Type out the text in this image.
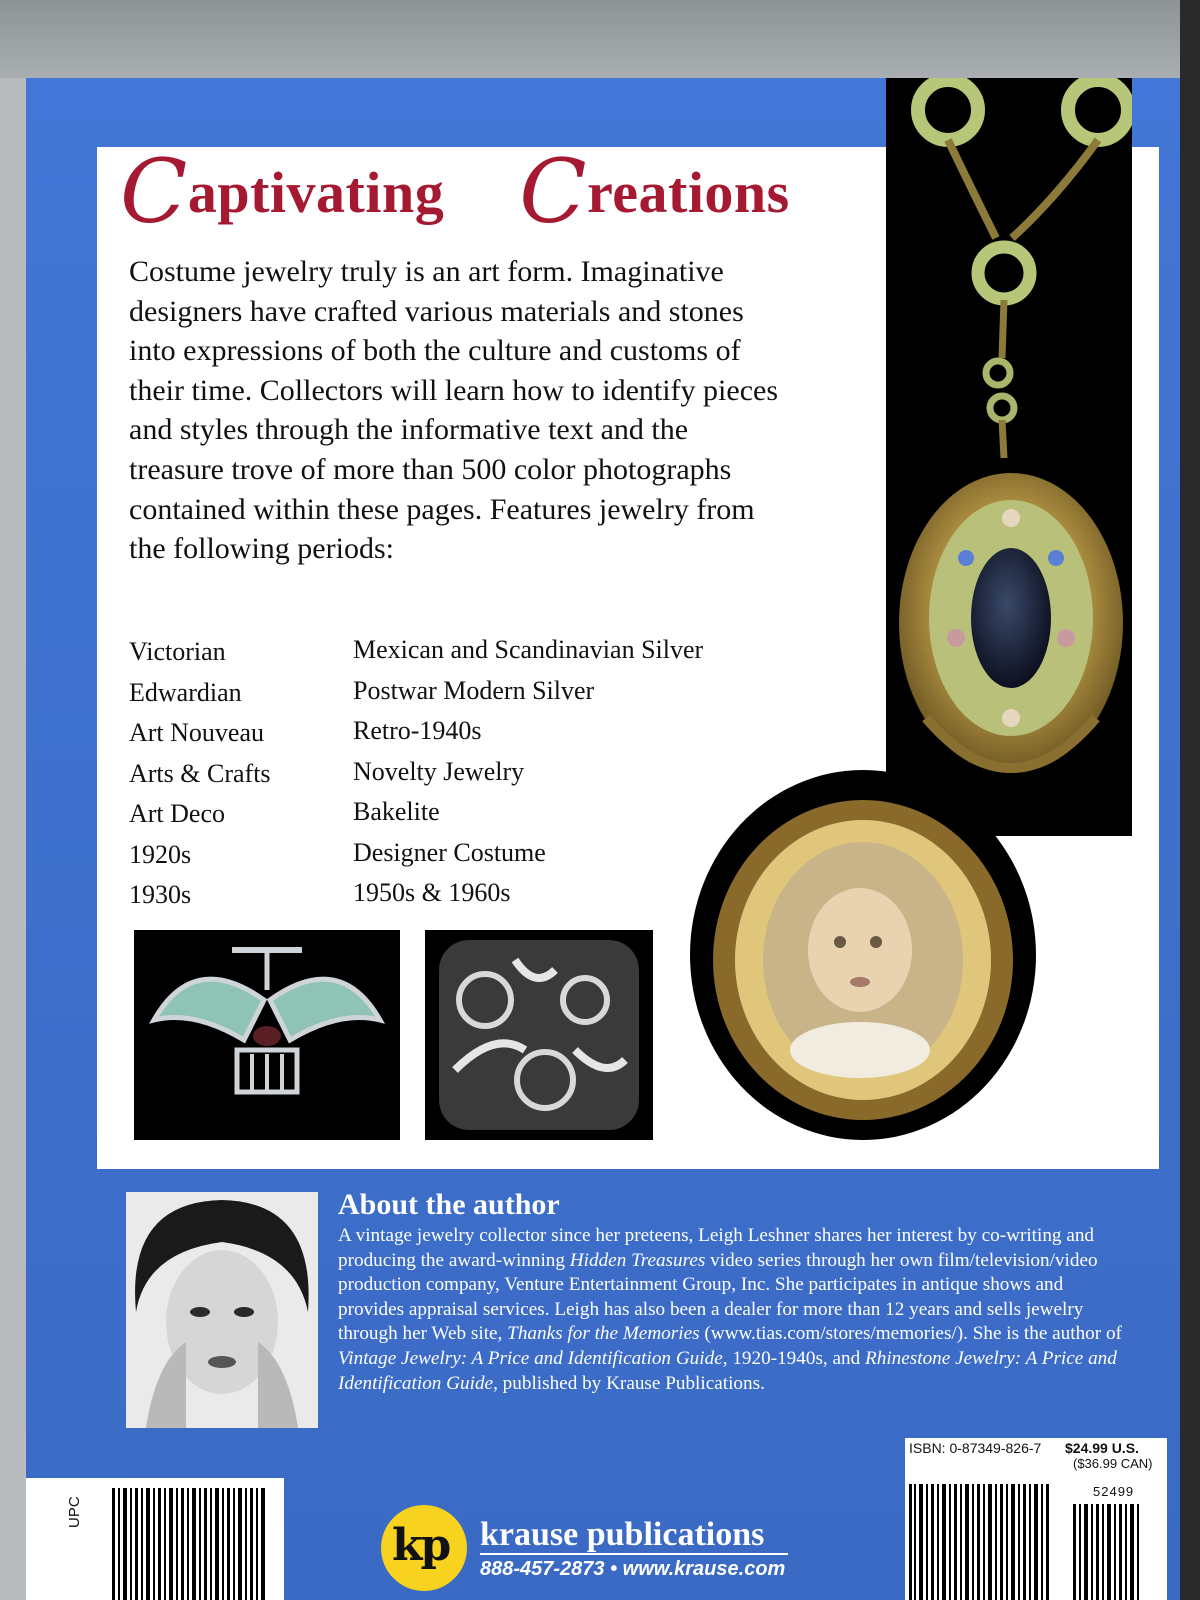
Captivating Creations
Costume jewelry truly is an art form. Imaginative designers have crafted various materials and stones into expressions of both the culture and customs of their time. Collectors will learn how to identify pieces and styles through the informative text and the treasure trove of more than 500 color photographs contained within these pages. Features jewelry from the following periods:
Victorian
Edwardian
Art Nouveau
Arts & Crafts
Art Deco
1920s
1930s
Mexican and Scandinavian Silver
Postwar Modern Silver
Retro-1940s
Novelty Jewelry
Bakelite
Designer Costume
1950s & 1960s
About the author
A vintage jewelry collector since her preteens, Leigh Leshner shares her interest by co-writing and producing the award-winning Hidden Treasures video series through her own film/television/video production company, Venture Entertainment Group, Inc. She participates in antique shows and provides appraisal services. Leigh has also been a dealer for more than 12 years and sells jewelry through her Web site, Thanks for the Memories (www.tias.com/stores/memories/). She is the author of Vintage Jewelry: A Price and Identification Guide, 1920-1940s, and Rhinestone Jewelry: A Price and Identification Guide, published by Krause Publications.
ISBN: 0-87349-826-7 $24.99 U.S.
($36.99 CAN)
52499
UPC
kp krause publications
888-457-2873 • www.krause.com
